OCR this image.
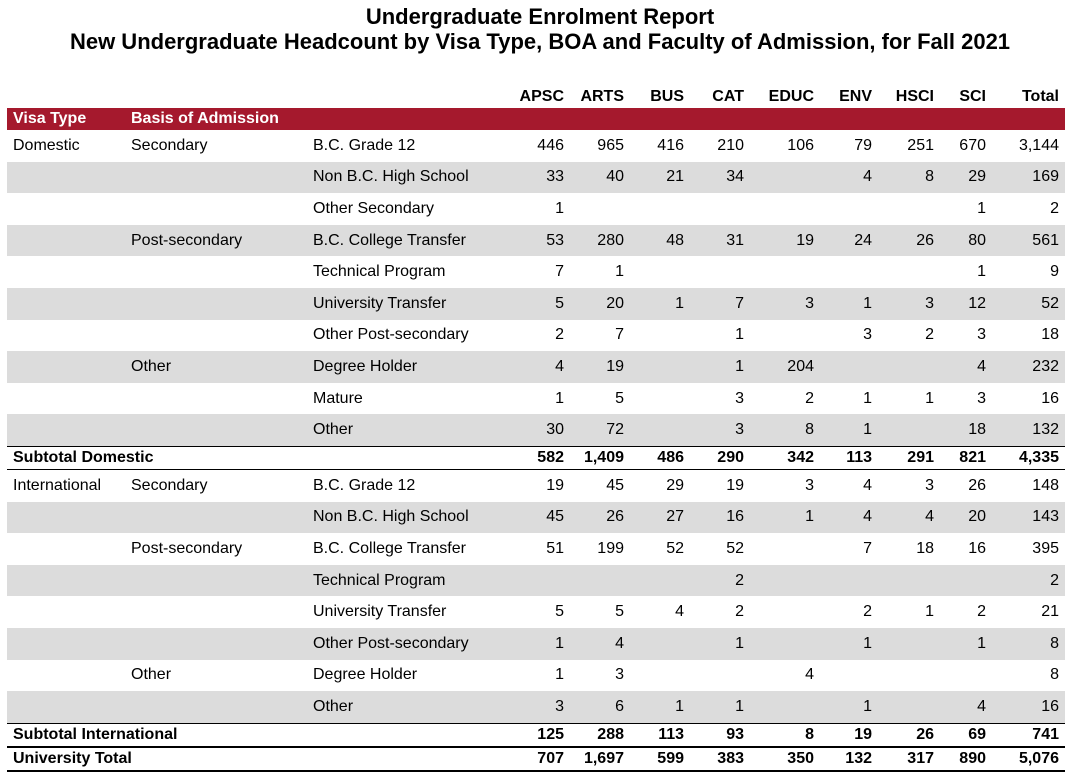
Undergraduate Enrolment Report
New Undergraduate Headcount by Visa Type, BOA and Faculty of Admission, for Fall 2021
			APSC	ARTS	BUS	CAT	EDUC	ENV	HSCI	SCI	Total
Visa Type	Basis of Admission										
Domestic	Secondary	B.C. Grade 12	446	965	416	210	106	79	251	670	3,144
		Non B.C. High School	33	40	21	34		4	8	29	169
		Other Secondary	1							1	2
	Post-secondary	B.C. College Transfer	53	280	48	31	19	24	26	80	561
		Technical Program	7	1						1	9
		University Transfer	5	20	1	7	3	1	3	12	52
		Other Post-secondary	2	7		1		3	2	3	18
	Other	Degree Holder	4	19		1	204			4	232
		Mature	1	5		3	2	1	1	3	16
		Other	30	72		3	8	1		18	132
Subtotal Domestic			582	1,409	486	290	342	113	291	821	4,335
International	Secondary	B.C. Grade 12	19	45	29	19	3	4	3	26	148
		Non B.C. High School	45	26	27	16	1	4	4	20	143
	Post-secondary	B.C. College Transfer	51	199	52	52		7	18	16	395
		Technical Program				2					2
		University Transfer	5	5	4	2		2	1	2	21
		Other Post-secondary	1	4		1		1		1	8
	Other	Degree Holder	1	3			4				8
		Other	3	6	1	1		1		4	16
Subtotal International			125	288	113	93	8	19	26	69	741
University Total			707	1,697	599	383	350	132	317	890	5,076
